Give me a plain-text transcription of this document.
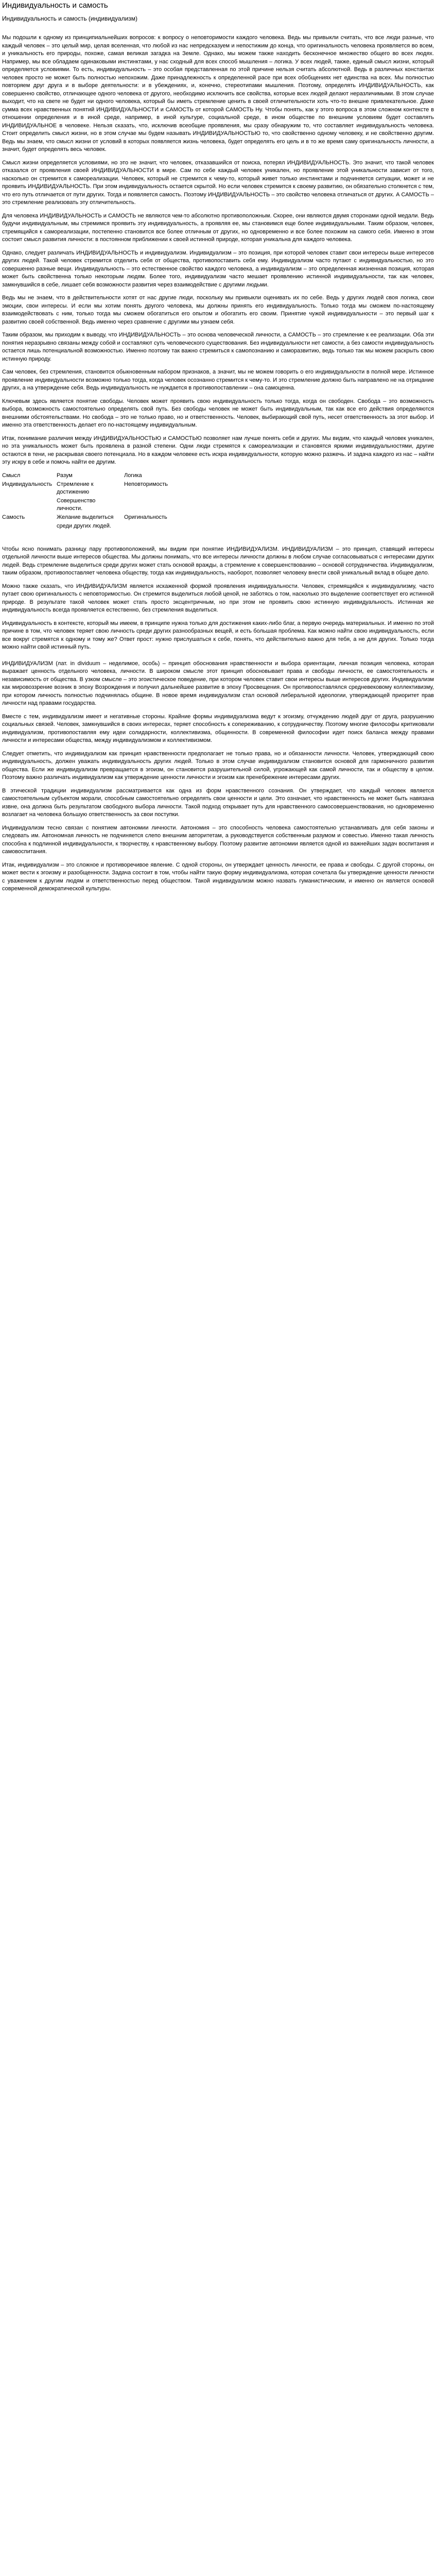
Индивидуальность и самость
Индивидуальность и самость (индивидуализм)

Мы подошли к одному из принципиальнейших вопросов: к вопросу о неповторимости каждого человека. Ведь мы привыкли считать, что все люди разные, что каждый человек – это целый мир, целая вселенная, что любой из нас непредсказуем и непостижим до конца, что оригинальность человека проявляется во всем, и уникальность его природы, похоже, самая великая загадка на Земле. Однако, мы можем также находить бесконечное множество общего во всех людях. Например, мы все обладаем одинаковыми инстинктами, у нас сходный для всех способ мышления – логика. У всех людей, также, единый смысл жизни, который определяется условиями. То есть, индивидуальность – это особая представленная по этой причине нельзя считать абсолютной. Ведь в различных константах человек просто не может быть полностью непохожим. Даже принадлежность к определенной расе при всех обобщениях нет единства на всех. Мы полностью повторяем друг друга и в выборе деятельности: и в убеждениях, и, конечно, стереотипами мышления. Поэтому, определять ИНДИВИДУАЛЬНОСТЬ, как совершенно свойство, отличающее одного человека от другого, необходимо исключить все свойства, которые всех людей делают неразличимыми. В этом случае выходит, что на свете не будет ни одного человека, который бы иметь стремление ценить в своей отличительности хоть что-то внешне привлекательное. Даже сумма всех нравственных понятий ИНДИВИДУАЛЬНОСТИ и САМОСТЬ от которой САМОСТЬ Ну. Чтобы понять, как у этого вопроса в этом сложном контексте в отношении определения и в иной среде, например, в иной культуре, социальной среде, в ином обществе по внешним условиям будет составлять ИНДИВИДУАЛЬНОЕ в человеке. Нельзя сказать, что, исключив всеобщие проявления, мы сразу обнаружим то, что составляет индивидуальность человека. Стоит определить смысл жизни, но в этом случае мы будем называть ИНДИВИДУАЛЬНОСТЬЮ то, что свойственно одному человеку, и не свойственно другим. Ведь мы знаем, что смысл жизни от условий в которых появляется жизнь человека, будет определять его цель и в то же время саму оригинальность личности, а значит, будет определять весь человек.

Смысл жизни определяется условиями, но это не значит, что человек, отказавшийся от поиска, потерял ИНДИВИДУАЛЬНОСТЬ. Это значит, что такой человек отказался от проявления своей ИНДИВИДУАЛЬНОСТИ в мире. Сам по себе каждый человек уникален, но проявление этой уникальности зависит от того, насколько он стремится к самореализации. Человек, который не стремится к чему-то, который живет только инстинктами и подчиняется ситуации, может и не проявить ИНДИВИДУАЛЬНОСТЬ. При этом индивидуальность остается скрытой. Но если человек стремится к своему развитию, он обязательно столкнется с тем, что его путь отличается от пути других. Тогда и появляется самость. Поэтому ИНДИВИДУАЛЬНОСТЬ – это свойство человека отличаться от других. А САМОСТЬ – это стремление реализовать эту отличительность.

Для человека ИНДИВИДУАЛЬНОСТЬ и САМОСТЬ не являются чем-то абсолютно противоположным. Скорее, они являются двумя сторонами одной медали. Ведь будучи индивидуальным, мы стремимся проявить эту индивидуальность, а проявляя ее, мы становимся еще более индивидуальными. Таким образом, человек, стремящийся к самореализации, постепенно становится все более отличным от других, но одновременно и все более похожим на самого себя. Именно в этом состоит смысл развития личности: в постоянном приближении к своей истинной природе, которая уникальна для каждого человека.

Однако, следует различать ИНДИВИДУАЛЬНОСТЬ и индивидуализм. Индивидуализм – это позиция, при которой человек ставит свои интересы выше интересов других людей. Такой человек стремится отделить себя от общества, противопоставить себя ему. Индивидуализм часто путают с индивидуальностью, но это совершенно разные вещи. Индивидуальность – это естественное свойство каждого человека, а индивидуализм – это определенная жизненная позиция, которая может быть свойственна только некоторым людям. Более того, индивидуализм часто мешает проявлению истинной индивидуальности, так как человек, замкнувшийся в себе, лишает себя возможности развития через взаимодействие с другими людьми.

Ведь мы не знаем, что в действительности хотят от нас другие люди, поскольку мы привыкли оценивать их по себе. Ведь у других людей своя логика, свои эмоции, свои интересы. И если мы хотим понять другого человека, мы должны принять его индивидуальность. Только тогда мы сможем по-настоящему взаимодействовать с ним, только тогда мы сможем обогатиться его опытом и обогатить его своим. Принятие чужой индивидуальности – это первый шаг к развитию своей собственной. Ведь именно через сравнение с другими мы узнаем себя.

Таким образом, мы приходим к выводу, что ИНДИВИДУАЛЬНОСТЬ – это основа человеческой личности, а САМОСТЬ – это стремление к ее реализации. Оба эти понятия неразрывно связаны между собой и составляют суть человеческого существования. Без индивидуальности нет самости, а без самости индивидуальность остается лишь потенциальной возможностью. Именно поэтому так важно стремиться к самопознанию и саморазвитию, ведь только так мы можем раскрыть свою истинную природу.

Сам человек, без стремления, становится обыкновенным набором признаков, а значит, мы не можем говорить о его индивидуальности в полной мере. Истинное проявление индивидуальности возможно только тогда, когда человек осознанно стремится к чему-то. И это стремление должно быть направлено не на отрицание других, а на утверждение себя. Ведь индивидуальность не нуждается в противопоставлении – она самоценна.

Ключевым здесь является понятие свободы. Человек может проявить свою индивидуальность только тогда, когда он свободен. Свобода – это возможность выбора, возможность самостоятельно определять свой путь. Без свободы человек не может быть индивидуальным, так как все его действия определяются внешними обстоятельствами. Но свобода – это не только право, но и ответственность. Человек, выбирающий свой путь, несет ответственность за этот выбор. И именно эта ответственность делает его по-настоящему индивидуальным.

Итак, понимание различия между ИНДИВИДУАЛЬНОСТЬЮ и САМОСТЬЮ позволяет нам лучше понять себя и других. Мы видим, что каждый человек уникален, но эта уникальность может быть проявлена в разной степени. Одни люди стремятся к самореализации и становятся яркими индивидуальностями, другие остаются в тени, не раскрывая своего потенциала. Но в каждом человеке есть искра индивидуальности, которую можно разжечь. И задача каждого из нас – найти эту искру в себе и помочь найти ее другим.

Смысл	Разум	Логика
Индивидуальность	Стремление к достижению	Неповторимость
	Совершенство личности.	
Самость	Желание выделиться	Оригинальность
	среди других людей.	

Чтобы ясно понимать разницу пару противоположений, мы видим при понятие ИНДИВИДУАЛИЗМ. ИНДИВИДУАЛИЗМ – это принцип, ставящий интересы отдельной личности выше интересов общества. Мы должны понимать, что все интересы личности должны в любом случае согласовываться с интересами других людей. Ведь стремление выделиться среди других может стать основой вражды, а стремление к совершенствованию – основой сотрудничества. Индивидуализм, таким образом, противопоставляет человека обществу, тогда как индивидуальность, наоборот, позволяет человеку внести свой уникальный вклад в общее дело.

Можно также сказать, что ИНДИВИДУАЛИЗМ является искаженной формой проявления индивидуальности. Человек, стремящийся к индивидуализму, часто путает свою оригинальность с неповторимостью. Он стремится выделиться любой ценой, не заботясь о том, насколько это выделение соответствует его истинной природе. В результате такой человек может стать просто эксцентричным, но при этом не проявить свою истинную индивидуальность. Истинная же индивидуальность всегда проявляется естественно, без стремления выделиться.

Индивидуальность в контексте, который мы имеем, в принципе нужна только для достижения каких-либо благ, а первую очередь материальных. И именно по этой причине в том, что человек теряет свою личность среди других разнообразных вещей, и есть большая проблема. Как можно найти свою индивидуальность, если все вокруг стремятся к одному и тому же? Ответ прост: нужно прислушаться к себе, понять, что действительно важно для тебя, а не для других. Только тогда можно найти свой истинный путь.

ИНДИВИДУАЛИЗМ (лат. in dividuum – неделимое, особь) – принцип обоснования нравственности и выбора ориентации, личная позиция человека, которая выражает ценность отдельного человека, личности. В широком смысле этот принцип обосновывает права и свободы личности, ее самостоятельность и независимость от общества. В узком смысле – это эгоистическое поведение, при котором человек ставит свои интересы выше интересов других. Индивидуализм как мировоззрение возник в эпоху Возрождения и получил дальнейшее развитие в эпоху Просвещения. Он противопоставлялся средневековому коллективизму, при котором личность полностью подчинялась общине. В новое время индивидуализм стал основой либеральной идеологии, утверждающей приоритет прав личности над правами государства.

Вместе с тем, индивидуализм имеет и негативные стороны. Крайние формы индивидуализма ведут к эгоизму, отчуждению людей друг от друга, разрушению социальных связей. Человек, замкнувшийся в своих интересах, теряет способность к сопереживанию, к сотрудничеству. Поэтому многие философы критиковали индивидуализм, противопоставляя ему идеи солидарности, коллективизма, общинности. В современной философии идет поиск баланса между правами личности и интересами общества, между индивидуализмом и коллективизмом.

Следует отметить, что индивидуализм как принцип нравственности предполагает не только права, но и обязанности личности. Человек, утверждающий свою индивидуальность, должен уважать индивидуальность других людей. Только в этом случае индивидуализм становится основой для гармоничного развития общества. Если же индивидуализм превращается в эгоизм, он становится разрушительной силой, угрожающей как самой личности, так и обществу в целом. Поэтому важно различать индивидуализм как утверждение ценности личности и эгоизм как пренебрежение интересами других.

В этической традиции индивидуализм рассматривается как одна из форм нравственного сознания. Он утверждает, что каждый человек является самостоятельным субъектом морали, способным самостоятельно определять свои ценности и цели. Это означает, что нравственность не может быть навязана извне, она должна быть результатом свободного выбора личности. Такой подход открывает путь для нравственного самосовершенствования, но одновременно возлагает на человека большую ответственность за свои поступки.

Индивидуализм тесно связан с понятием автономии личности. Автономия – это способность человека самостоятельно устанавливать для себя законы и следовать им. Автономная личность не подчиняется слепо внешним авторитетам, а руководствуется собственным разумом и совестью. Именно такая личность способна к подлинной индивидуальности, к творчеству, к нравственному выбору. Поэтому развитие автономии является одной из важнейших задач воспитания и самовоспитания.

Итак, индивидуализм – это сложное и противоречивое явление. С одной стороны, он утверждает ценность личности, ее права и свободы. С другой стороны, он может вести к эгоизму и разобщенности. Задача состоит в том, чтобы найти такую форму индивидуализма, которая сочетала бы утверждение ценности личности с уважением к другим людям и ответственностью перед обществом. Такой индивидуализм можно назвать гуманистическим, и именно он является основой современной демократической культуры.
